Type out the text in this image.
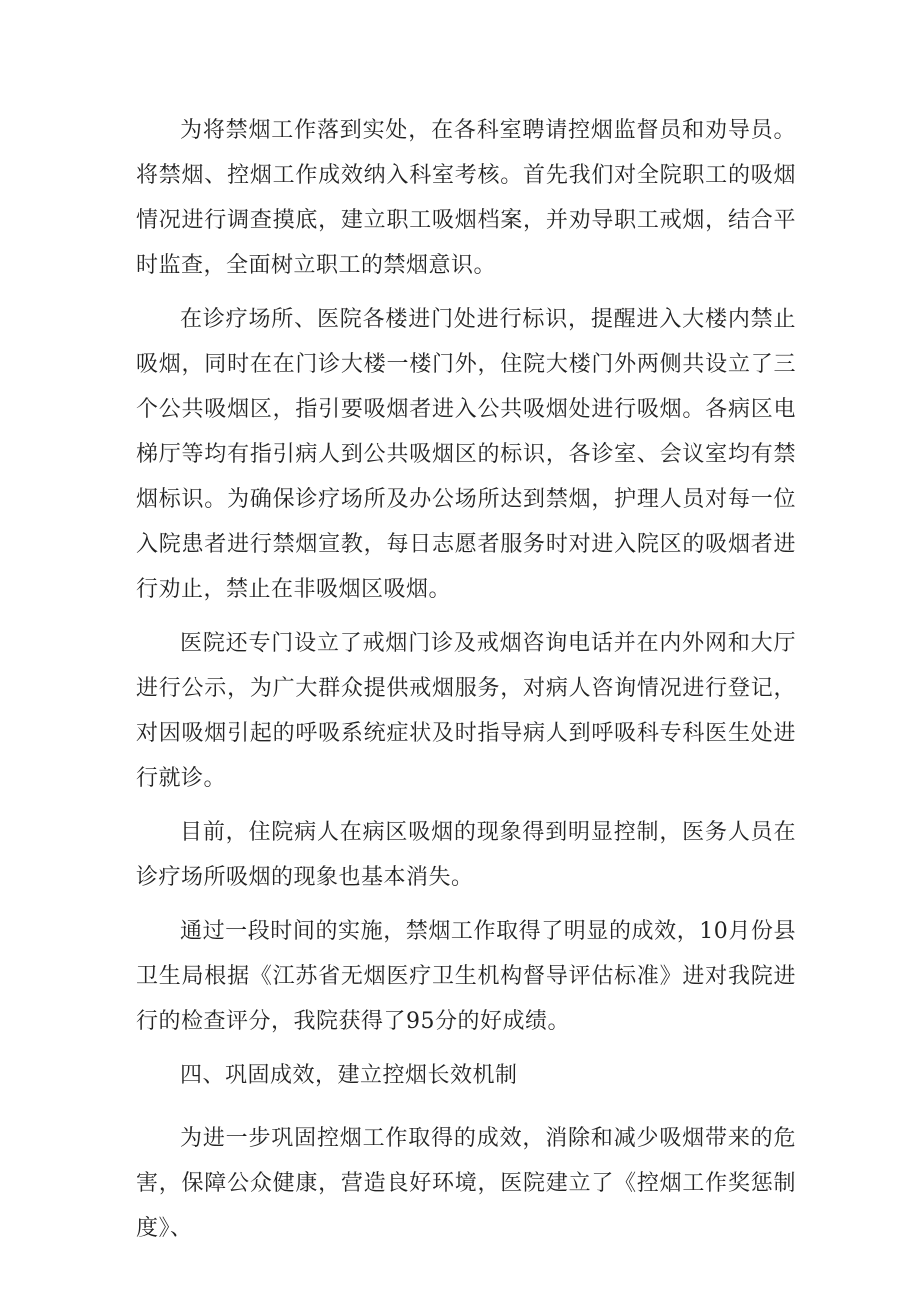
为将禁烟工作落到实处，在各科室聘请控烟监督员和劝导员。将禁烟、控烟工作成效纳入科室考核。首先我们对全院职工的吸烟情况进行调查摸底，建立职工吸烟档案，并劝导职工戒烟，结合平时监查，全面树立职工的禁烟意识。

在诊疗场所、医院各楼进门处进行标识，提醒进入大楼内禁止吸烟，同时在在门诊大楼一楼门外，住院大楼门外两侧共设立了三个公共吸烟区，指引要吸烟者进入公共吸烟处进行吸烟。各病区电梯厅等均有指引病人到公共吸烟区的标识，各诊室、会议室均有禁烟标识。为确保诊疗场所及办公场所达到禁烟，护理人员对每一位入院患者进行禁烟宣教，每日志愿者服务时对进入院区的吸烟者进行劝止，禁止在非吸烟区吸烟。

医院还专门设立了戒烟门诊及戒烟咨询电话并在内外网和大厅进行公示，为广大群众提供戒烟服务，对病人咨询情况进行登记，对因吸烟引起的呼吸系统症状及时指导病人到呼吸科专科医生处进行就诊。

目前，住院病人在病区吸烟的现象得到明显控制，医务人员在诊疗场所吸烟的现象也基本消失。

通过一段时间的实施，禁烟工作取得了明显的成效，10月份县卫生局根据《江苏省无烟医疗卫生机构督导评估标准》进对我院进行的检查评分，我院获得了95分的好成绩。

四、巩固成效，建立控烟长效机制

为进一步巩固控烟工作取得的成效，消除和减少吸烟带来的危害，保障公众健康，营造良好环境，医院建立了《控烟工作奖惩制度》、
